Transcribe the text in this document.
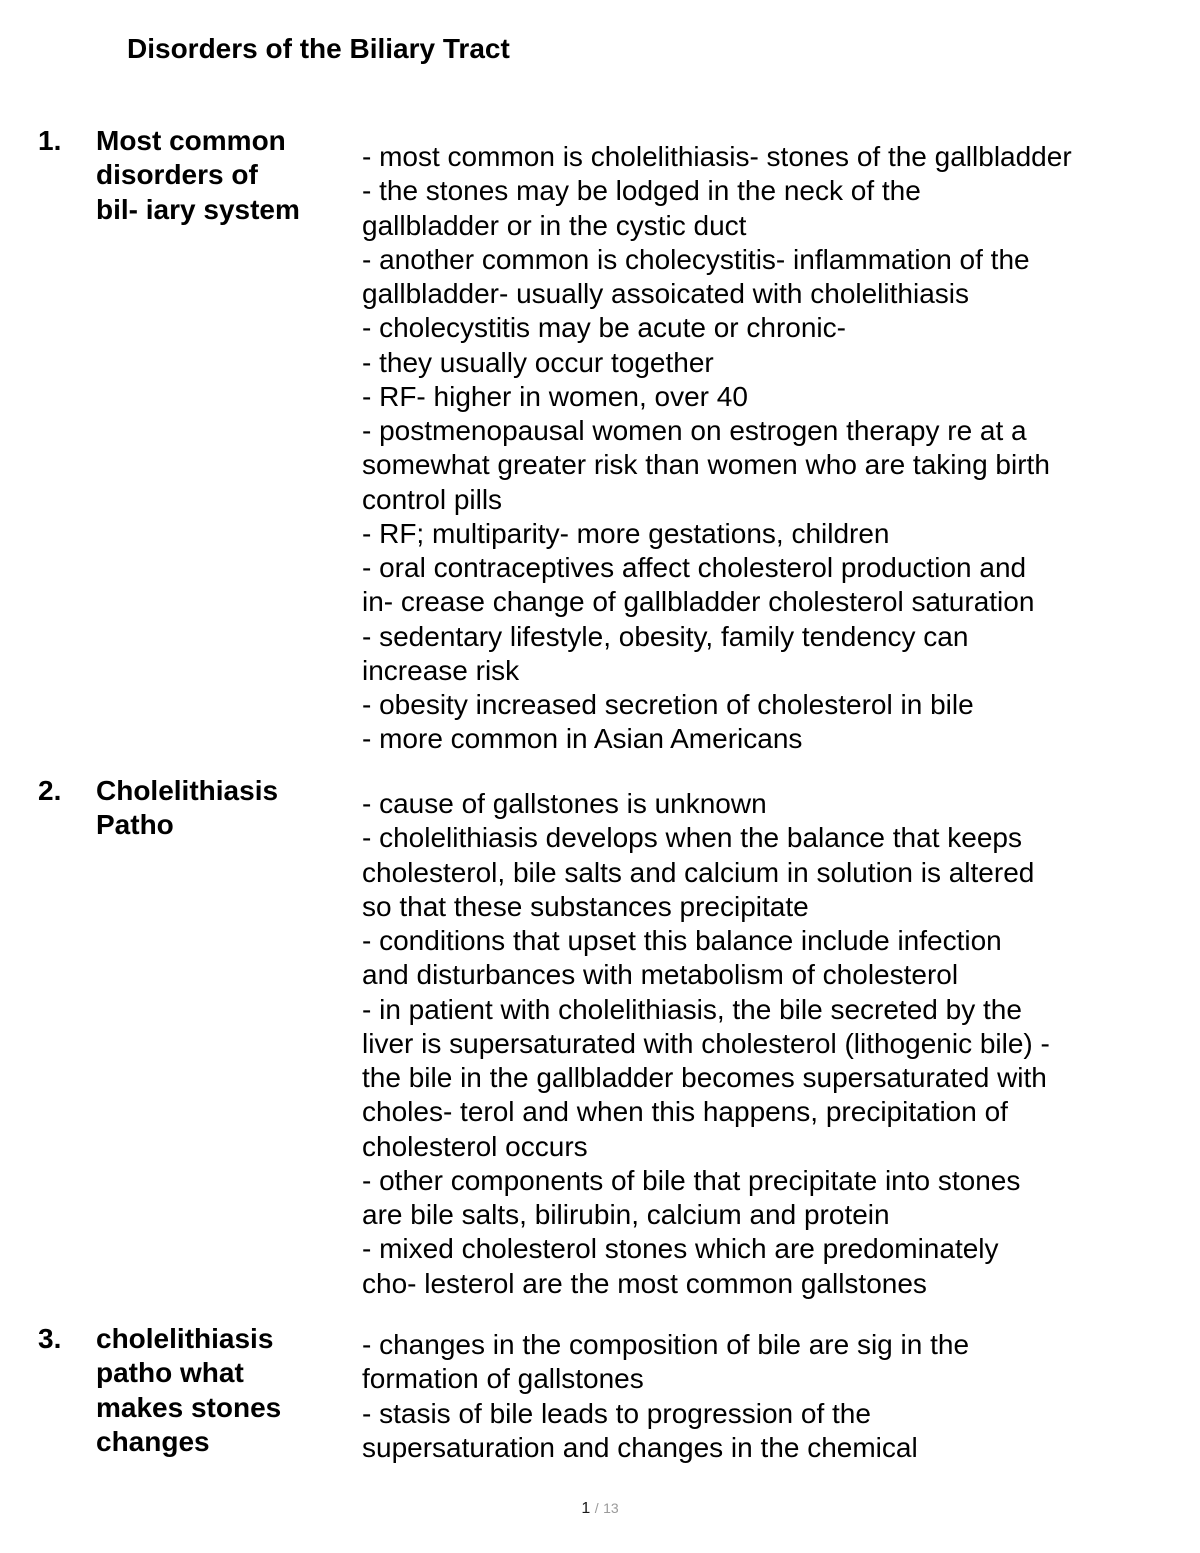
Disorders of the Biliary Tract
1. Most common
disorders of
bil- iary system
- most common is cholelithiasis- stones of the gallbladder
- the stones may be lodged in the neck of the
gallbladder or in the cystic duct
- another common is cholecystitis- inflammation of the
gallbladder- usually assoicated with cholelithiasis
- cholecystitis may be acute or chronic-
- they usually occur together
- RF- higher in women, over 40
- postmenopausal women on estrogen therapy re at a
somewhat greater risk than women who are taking birth
control pills
- RF; multiparity- more gestations, children
- oral contraceptives affect cholesterol production and
in- crease change of gallbladder cholesterol saturation
- sedentary lifestyle, obesity, family tendency can
increase risk
- obesity increased secretion of cholesterol in bile
- more common in Asian Americans
2. Cholelithiasis
Patho
- cause of gallstones is unknown
- cholelithiasis develops when the balance that keeps
cholesterol, bile salts and calcium in solution is altered
so that these substances precipitate
- conditions that upset this balance include infection
and disturbances with metabolism of cholesterol
- in patient with cholelithiasis, the bile secreted by the
liver is supersaturated with cholesterol (lithogenic bile) -
the bile in the gallbladder becomes supersaturated with
choles- terol and when this happens, precipitation of
cholesterol occurs
- other components of bile that precipitate into stones
are bile salts, bilirubin, calcium and protein
- mixed cholesterol stones which are predominately
cho- lesterol are the most common gallstones
3. cholelithiasis
patho what
makes stones
changes
- changes in the composition of bile are sig in the
formation of gallstones
- stasis of bile leads to progression of the
supersaturation and changes in the chemical
1 / 13
